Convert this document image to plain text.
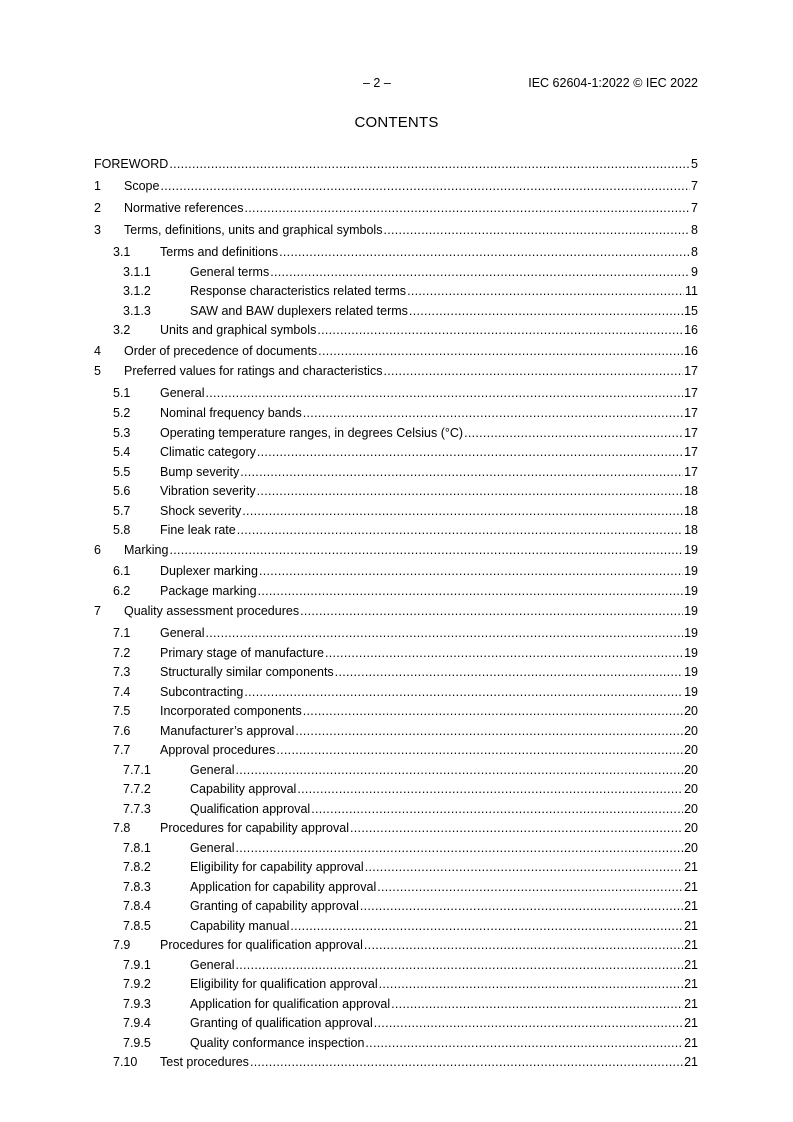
– 2 –	IEC 62604-1:2022 © IEC 2022
CONTENTS
FOREWORD .....	5
1 Scope .....	7
2 Normative references .....	7
3 Terms, definitions, units and graphical symbols .....	8
3.1 Terms and definitions .....	8
3.1.1	General terms .....	9
3.1.2	Response characteristics related terms .....	11
3.1.3	SAW and BAW duplexers related terms .....	15
3.2 Units and graphical symbols .....	16
4 Order of precedence of documents .....	16
5 Preferred values for ratings and characteristics .....	17
5.1 General .....	17
5.2 Nominal frequency bands .....	17
5.3 Operating temperature ranges, in degrees Celsius (°C) .....	17
5.4 Climatic category .....	17
5.5 Bump severity .....	17
5.6 Vibration severity .....	18
5.7 Shock severity .....	18
5.8 Fine leak rate .....	18
6 Marking .....	19
6.1 Duplexer marking .....	19
6.2 Package marking .....	19
7 Quality assessment procedures .....	19
7.1 General .....	19
7.2 Primary stage of manufacture .....	19
7.3 Structurally similar components .....	19
7.4 Subcontracting .....	19
7.5 Incorporated components .....	20
7.6 Manufacturer’s approval .....	20
7.7 Approval procedures .....	20
7.7.1	General .....	20
7.7.2	Capability approval .....	20
7.7.3	Qualification approval .....	20
7.8 Procedures for capability approval .....	20
7.8.1	General .....	20
7.8.2	Eligibility for capability approval .....	21
7.8.3	Application for capability approval .....	21
7.8.4	Granting of capability approval .....	21
7.8.5	Capability manual .....	21
7.9 Procedures for qualification approval .....	21
7.9.1	General .....	21
7.9.2	Eligibility for qualification approval .....	21
7.9.3	Application for qualification approval .....	21
7.9.4	Granting of qualification approval .....	21
7.9.5	Quality conformance inspection .....	21
7.10 Test procedures .....	21
